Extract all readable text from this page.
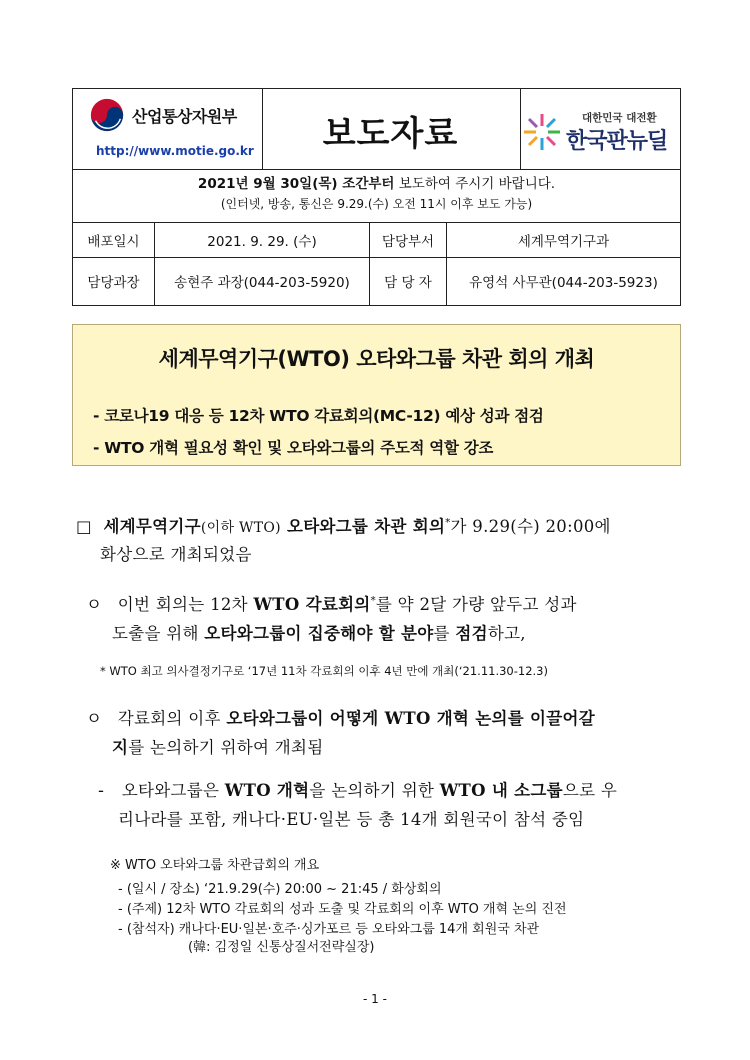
산업통상자원부
http://www.motie.go.kr	보도자료	대한민국 대전환
한국판뉴딜
2021년 9월 30일(목) 조간부터 보도하여 주시기 바랍니다.
(인터넷, 방송, 통신은 9.29.(수) 오전 11시 이후 보도 가능)
배포일시	2021. 9. 29. (수)	담당부서	세계무역기구과
담당과장	송현주 과장(044-203-5920)	담 당 자	유영석 사무관(044-203-5923)
세계무역기구(WTO) 오타와그룹 차관 회의 개최
- 코로나19 대응 등 12차 WTO 각료회의(MC-12) 예상 성과 점검
- WTO 개혁 필요성 확인 및 오타와그룹의 주도적 역할 강조
□ 세계무역기구(이하 WTO) 오타와그룹 차관 회의*가 9.29(수) 20:00에
화상으로 개최되었음
ㅇ 이번 회의는 12차 WTO 각료회의*를 약 2달 가량 앞두고 성과
도출을 위해 오타와그룹이 집중해야 할 분야를 점검하고,
* WTO 최고 의사결정기구로 ‘17년 11차 각료회의 이후 4년 만에 개최(‘21.11.30-12.3)
ㅇ 각료회의 이후 오타와그룹이 어떻게 WTO 개혁 논의를 이끌어갈
지를 논의하기 위하여 개최됨
- 오타와그룹은 WTO 개혁을 논의하기 위한 WTO 내 소그룹으로 우
리나라를 포함, 캐나다·EU·일본 등 총 14개 회원국이 참석 중임
※ WTO 오타와그룹 차관급회의 개요
- (일시 / 장소) ‘21.9.29(수) 20:00 ~ 21:45 / 화상회의
- (주제) 12차 WTO 각료회의 성과 도출 및 각료회의 이후 WTO 개혁 논의 진전
- (참석자) 캐나다·EU·일본·호주·싱가포르 등 오타와그룹 14개 회원국 차관
(韓: 김정일 신통상질서전략실장)
- 1 -
